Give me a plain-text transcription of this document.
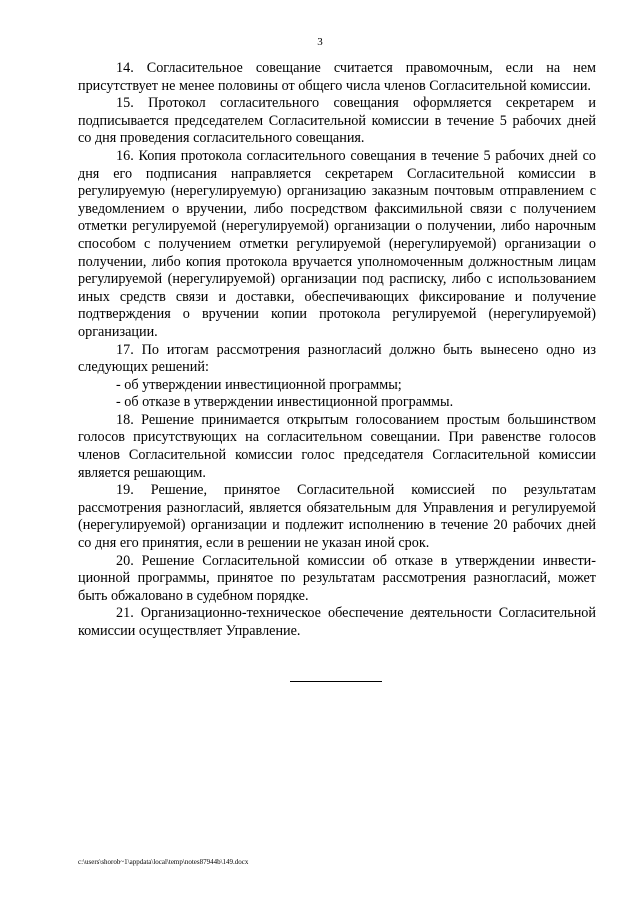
3

14. Согласительное совещание считается правомочным, если на нем присутствует не менее половины от общего числа членов Согласительной комиссии.

15. Протокол согласительного совещания оформляется секретарем и подписывается председателем Согласительной комиссии в течение 5 рабочих дней со дня проведения согласительного совещания.

16. Копия протокола согласительного совещания в течение 5 рабочих дней со дня его подписания направляется секретарем Согласительной комиссии в регулируемую (нерегулируемую) организацию заказным почтовым отправлением с уведомлением о вручении, либо посредством факсимильной связи с получением отметки регулируемой (нерегулируемой) организации о получении, либо нарочным способом с получением отметки регулируемой (нерегулируемой) организации о получении, либо копия протокола вручается уполномоченным должностным лицам регулируемой (нерегулируемой) организации под расписку, либо с использованием иных средств связи и доставки, обеспечивающих фиксирование и получение подтверждения о вручении копии протокола регулируемой (нерегулируемой) организации.

17. По итогам рассмотрения разногласий должно быть вынесено одно из следующих решений:

- об утверждении инвестиционной программы;

- об отказе в утверждении инвестиционной программы.

18. Решение принимается открытым голосованием простым большинством голосов присутствующих на согласительном совещании. При равенстве голосов членов Согласительной комиссии голос председателя Согласительной комиссии является решающим.

19. Решение, принятое Согласительной комиссией по результатам рассмотрения разногласий, является обязательным для Управления и регулируемой (нерегулируемой) организации и подлежит исполнению в течение 20 рабочих дней со дня его принятия, если в решении не указан иной срок.

20. Решение Согласительной комиссии об отказе в утверждении инвестиционной программы, принятое по результатам рассмотрения разногласий, может быть обжаловано в судебном порядке.

21. Организационно-техническое обеспечение деятельности Согласительной комиссии осуществляет Управление.

c:\users\shorob~1\appdata\local\temp\notes87944b\149.docx
